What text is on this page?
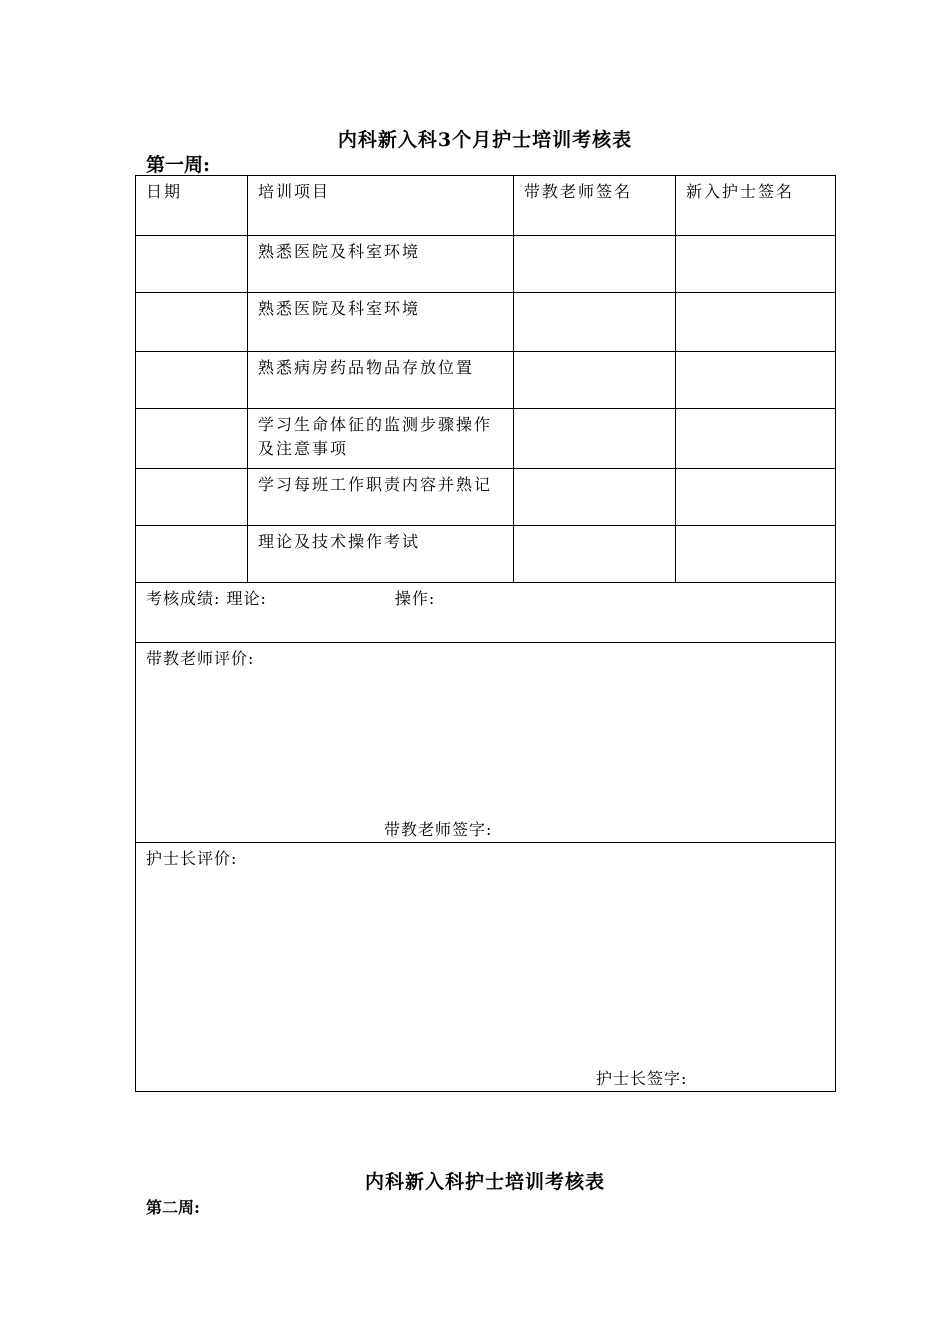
内科新入科3个月护士培训考核表
第一周:
日期	培训项目	带教老师签名	新入护士签名
	熟悉医院及科室环境		
	熟悉医院及科室环境		
	熟悉病房药品物品存放位置		
	学习生命体征的监测步骤操作及注意事项		
	学习每班工作职责内容并熟记		
	理论及技术操作考试		
考核成绩: 理论: 操作:			

带教老师评价:
带教老师签字:			

护士长评价:
护士长签字:			
内科新入科护士培训考核表
第二周:
